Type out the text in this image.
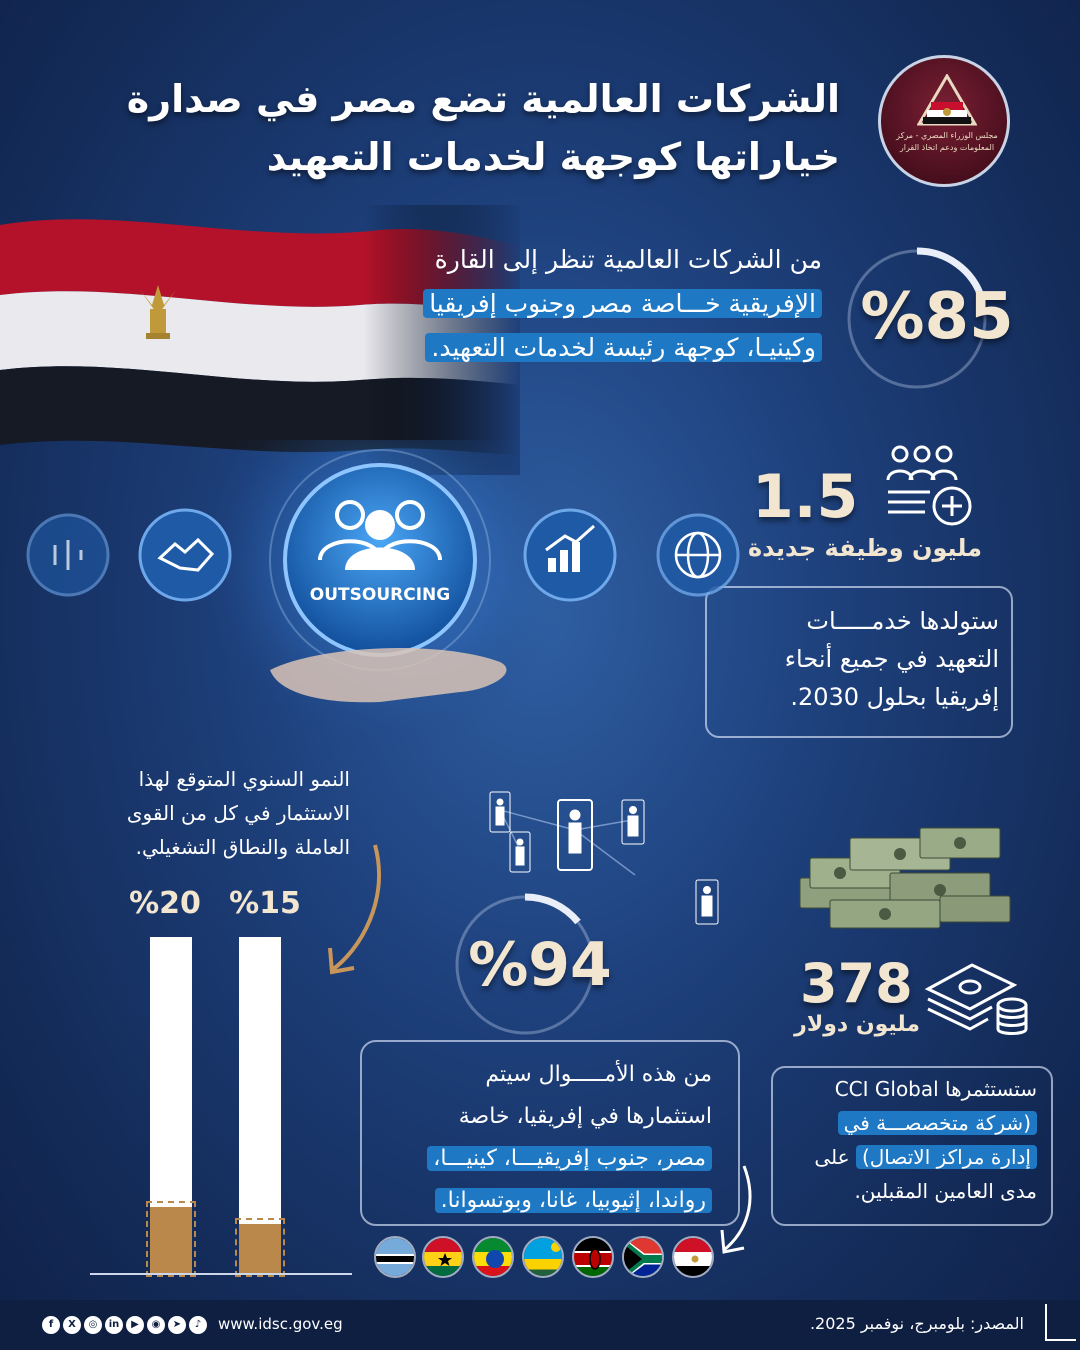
الشركات العالمية تضع مصر في صدارة خياراتها كوجهة لخدمات التعهيد	مجلس الوزراء المصري - مركز المعلومات ودعم اتخاذ القرار
من الشركات العالمية تنظر إلى القارة
الإفريقية خـــاصة مصر وجنوب إفريقيا
وكينيـا، كوجهة رئيسة لخدمات التعهيد. %85
1.5
مليون وظيفة جديدة
ستولدها خدمـــــات
التعهيد في جميع أنحاء
إفريقيا بحلول 2030.
OUTSOURCING
النمو السنوي المتوقع لهذا
الاستثمار في كل من القوى
العاملة والنطاق التشغيلي.
%20 %15
%94
من هذه الأمـــــوال سيتم
استثمارها في إفريقيا، خاصة
مصر، جنوب إفريقيـــا، كينيـــا،
رواندا، إثيوبيا، غانا، وبوتسوانا.
378
مليون دولار
ستستثمرها CCI Global
(شركة متخصصـــة في
إدارة مراكز الاتصال) على
مدى العامين المقبلين.
المصدر: بلومبرج، نوفمبر 2025.
www.idsc.gov.eg
f	X	◎	in	▶	◉	➤	♪
